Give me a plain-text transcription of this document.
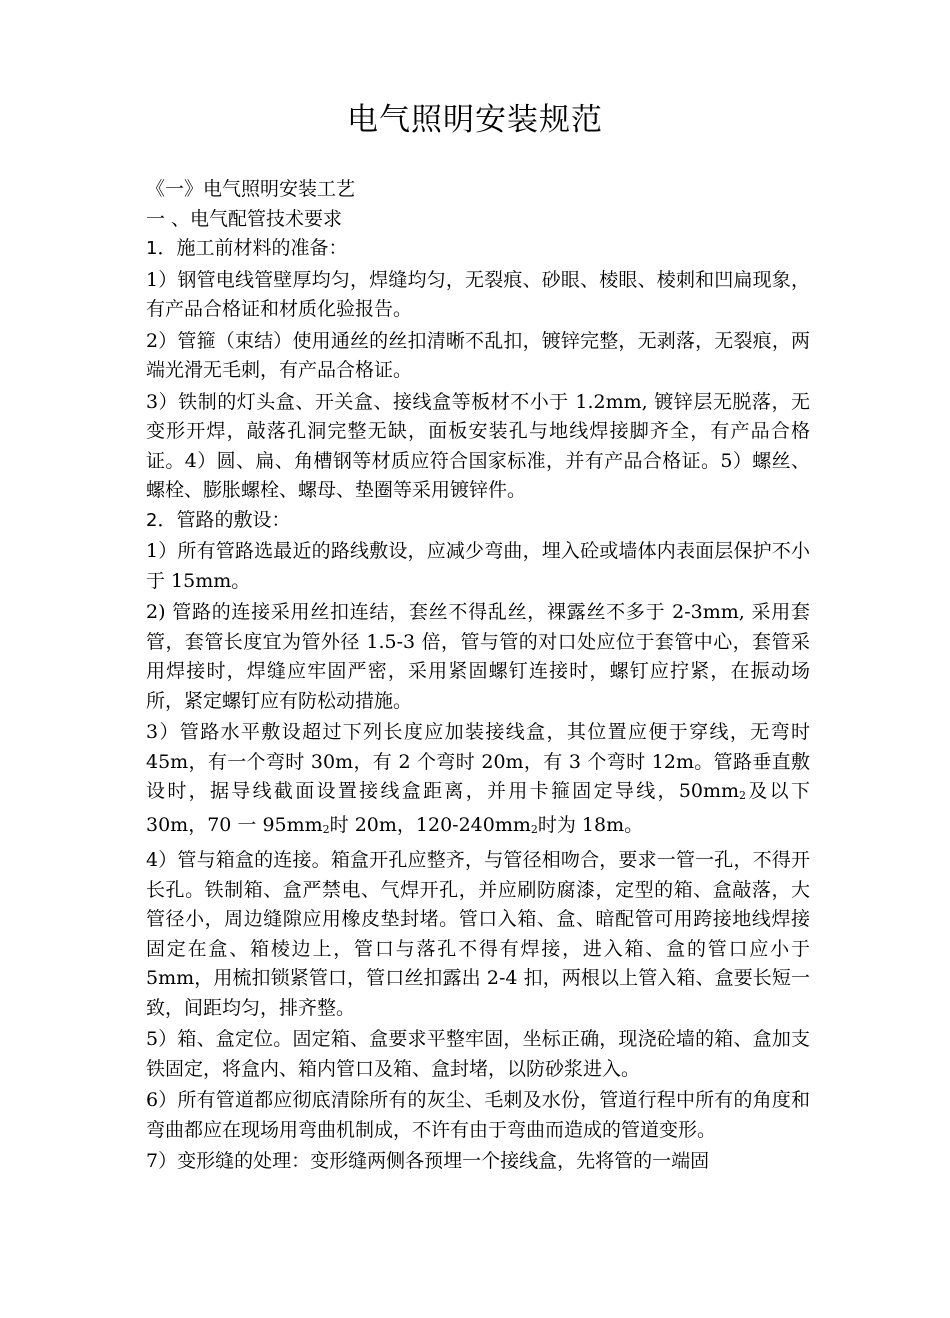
电气照明安装规范

《一》电气照明安装工艺

一 、电气配管技术要求

1．施工前材料的准备：

1）钢管电线管壁厚均匀，焊缝均匀，无裂痕、砂眼、棱眼、棱刺和凹扁现象，有产品合格证和材质化验报告。

2）管箍（束结）使用通丝的丝扣清晰不乱扣，镀锌完整，无剥落，无裂痕，两端光滑无毛刺，有产品合格证。

3）铁制的灯头盒、开关盒、接线盒等板材不小于 1.2mm, 镀锌层无脱落，无变形开焊，敲落孔洞完整无缺，面板安装孔与地线焊接脚齐全，有产品合格证。4）圆、扁、角槽钢等材质应符合国家标准，并有产品合格证。5）螺丝、螺栓、膨胀螺栓、螺母、垫圈等采用镀锌件。

2．管路的敷设：

1）所有管路选最近的路线敷设，应减少弯曲，埋入砼或墙体内表面层保护不小于 15mm。

2) 管路的连接采用丝扣连结，套丝不得乱丝，裸露丝不多于 2-3mm, 采用套管，套管长度宜为管外径 1.5-3 倍，管与管的对口处应位于套管中心，套管采用焊接时，焊缝应牢固严密，采用紧固螺钉连接时，螺钉应拧紧，在振动场所，紧定螺钉应有防松动措施。

3）管路水平敷设超过下列长度应加装接线盒，其位置应便于穿线，无弯时 45m，有一个弯时 30m，有 2 个弯时 20m，有 3 个弯时 12m。管路垂直敷设时，据导线截面设置接线盒距离，并用卡箍固定导线，50mm2及以下 30m，70 一 95mm2时 20m，120-240mm2时为 18m。

4）管与箱盒的连接。箱盒开孔应整齐，与管径相吻合，要求一管一孔，不得开长孔。铁制箱、盒严禁电、气焊开孔，并应刷防腐漆，定型的箱、盒敲落，大管径小，周边缝隙应用橡皮垫封堵。管口入箱、盒、暗配管可用跨接地线焊接固定在盒、箱棱边上，管口与落孔不得有焊接，进入箱、盒的管口应小于 5mm，用梳扣锁紧管口，管口丝扣露出 2-4 扣，两根以上管入箱、盒要长短一致，间距均匀，排齐整。

5）箱、盒定位。固定箱、盒要求平整牢固，坐标正确，现浇砼墙的箱、盒加支铁固定，将盒内、箱内管口及箱、盒封堵，以防砂浆进入。

6）所有管道都应彻底清除所有的灰尘、毛刺及水份，管道行程中所有的角度和弯曲都应在现场用弯曲机制成，不许有由于弯曲而造成的管道变形。

7）变形缝的处理：变形缝两侧各预埋一个接线盒，先将管的一端固
